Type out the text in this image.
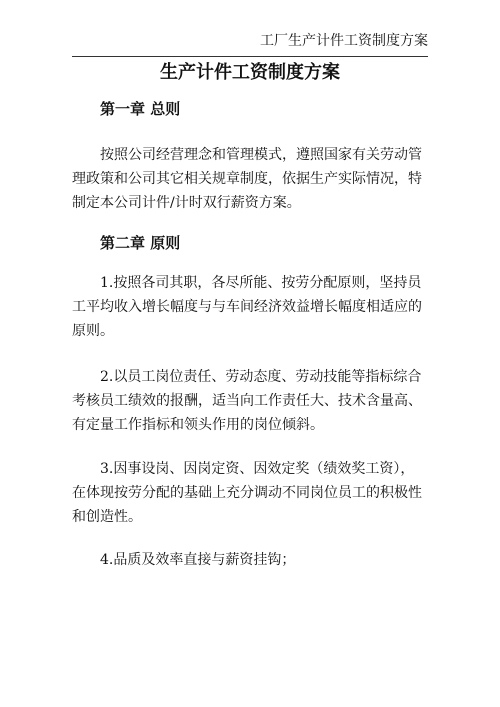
工厂生产计件工资制度方案
生产计件工资制度方案
第一章 总则
按照公司经营理念和管理模式，遵照国家有关劳动管
理政策和公司其它相关规章制度，依据生产实际情况，特
制定本公司计件/计时双行薪资方案。
第二章 原则
1.按照各司其职，各尽所能、按劳分配原则，坚持员
工平均收入增长幅度与与车间经济效益增长幅度相适应的
原则。
2.以员工岗位责任、劳动态度、劳动技能等指标综合
考核员工绩效的报酬，适当向工作责任大、技术含量高、
有定量工作指标和领头作用的岗位倾斜。
3.因事设岗、因岗定资、因效定奖（绩效奖工资），
在体现按劳分配的基础上充分调动不同岗位员工的积极性
和创造性。
4.品质及效率直接与薪资挂钩；
